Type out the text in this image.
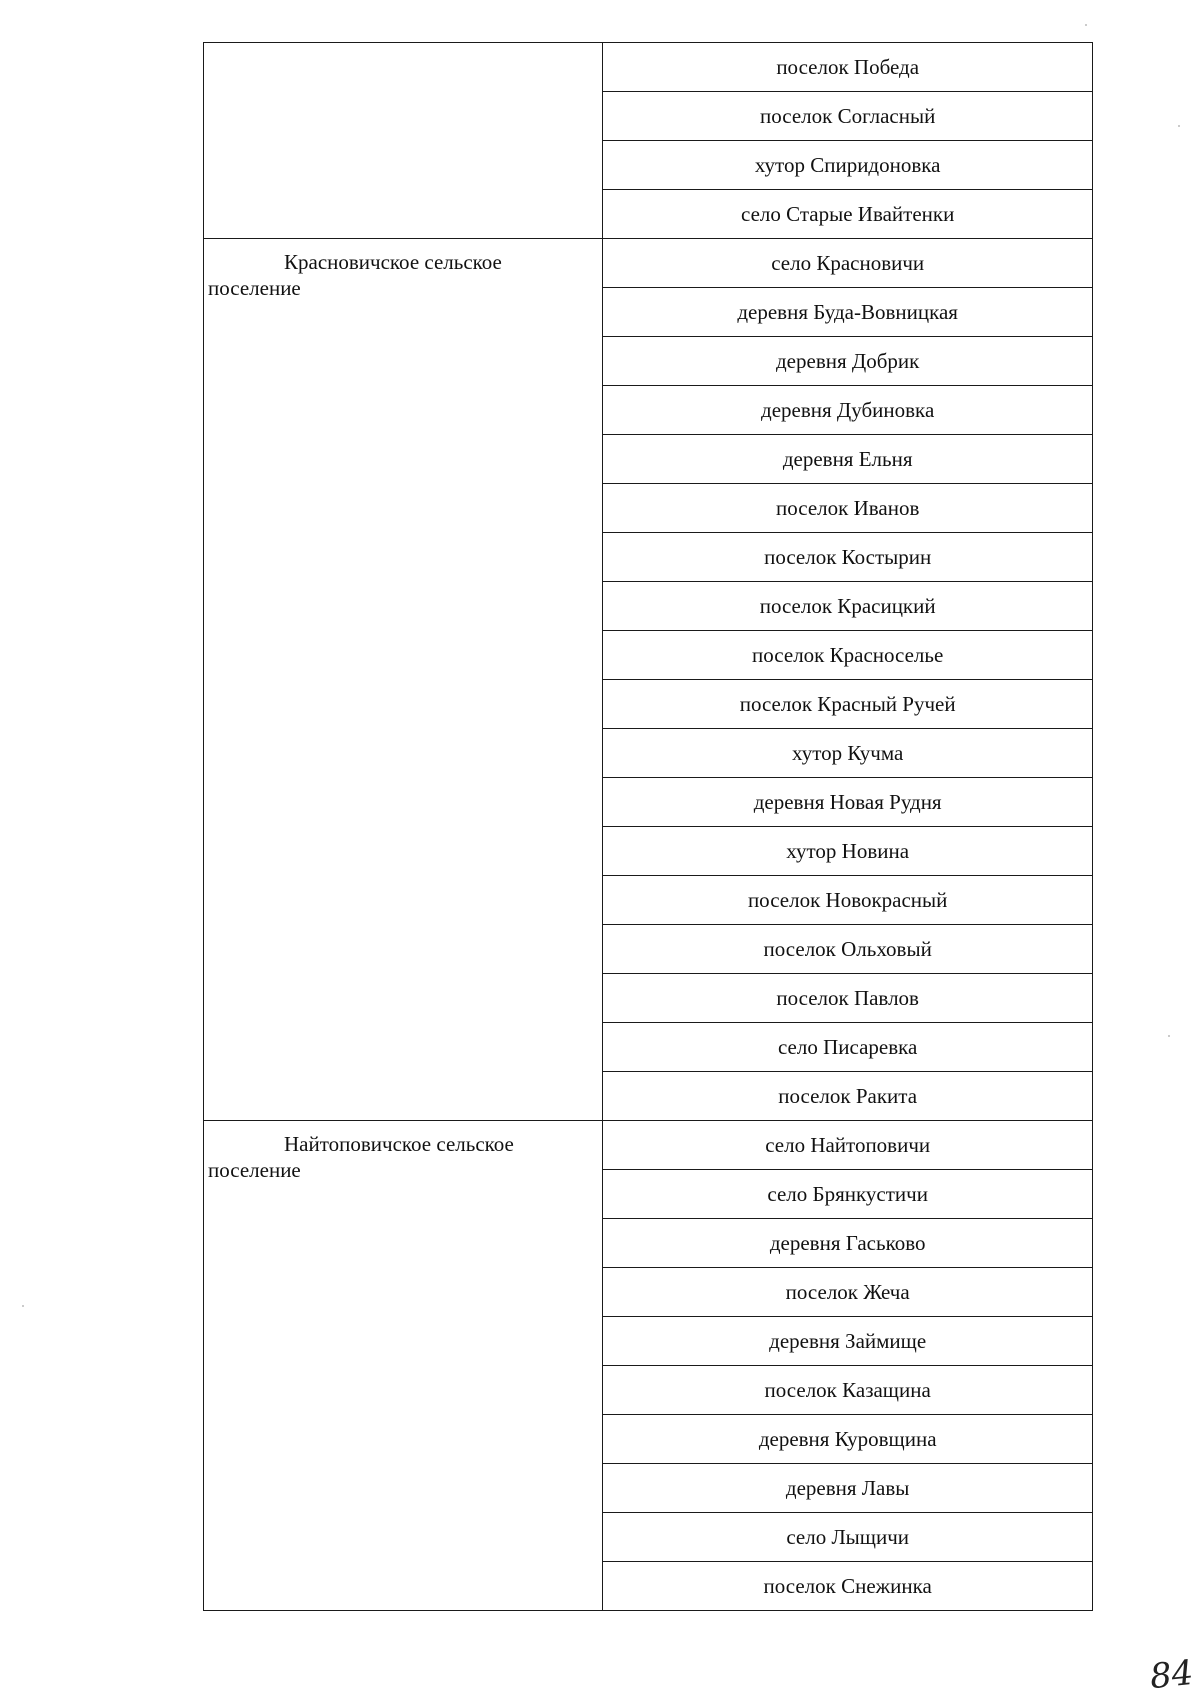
	поселок Победа
	поселок Согласный
	хутор Спиридоновка
	село Старые Ивайтенки

Красновичское сельское поселение	село Красновичи
	деревня Буда-Вовницкая
	деревня Добрик
	деревня Дубиновка
	деревня Ельня
	поселок Иванов
	поселок Костырин
	поселок Красицкий
	поселок Красноселье
	поселок Красный Ручей
	хутор Кучма
	деревня Новая Рудня
	хутор Новина
	поселок Новокрасный
	поселок Ольховый
	поселок Павлов
	село Писаревка
	поселок Ракита

Найтоповичское сельское поселение	село Найтоповичи
	село Брянкустичи
	деревня Гаськово
	поселок Жеча
	деревня Займище
	поселок Казащина
	деревня Куровщина
	деревня Лавы
	село Лыщичи
	поселок Снежинка
84
